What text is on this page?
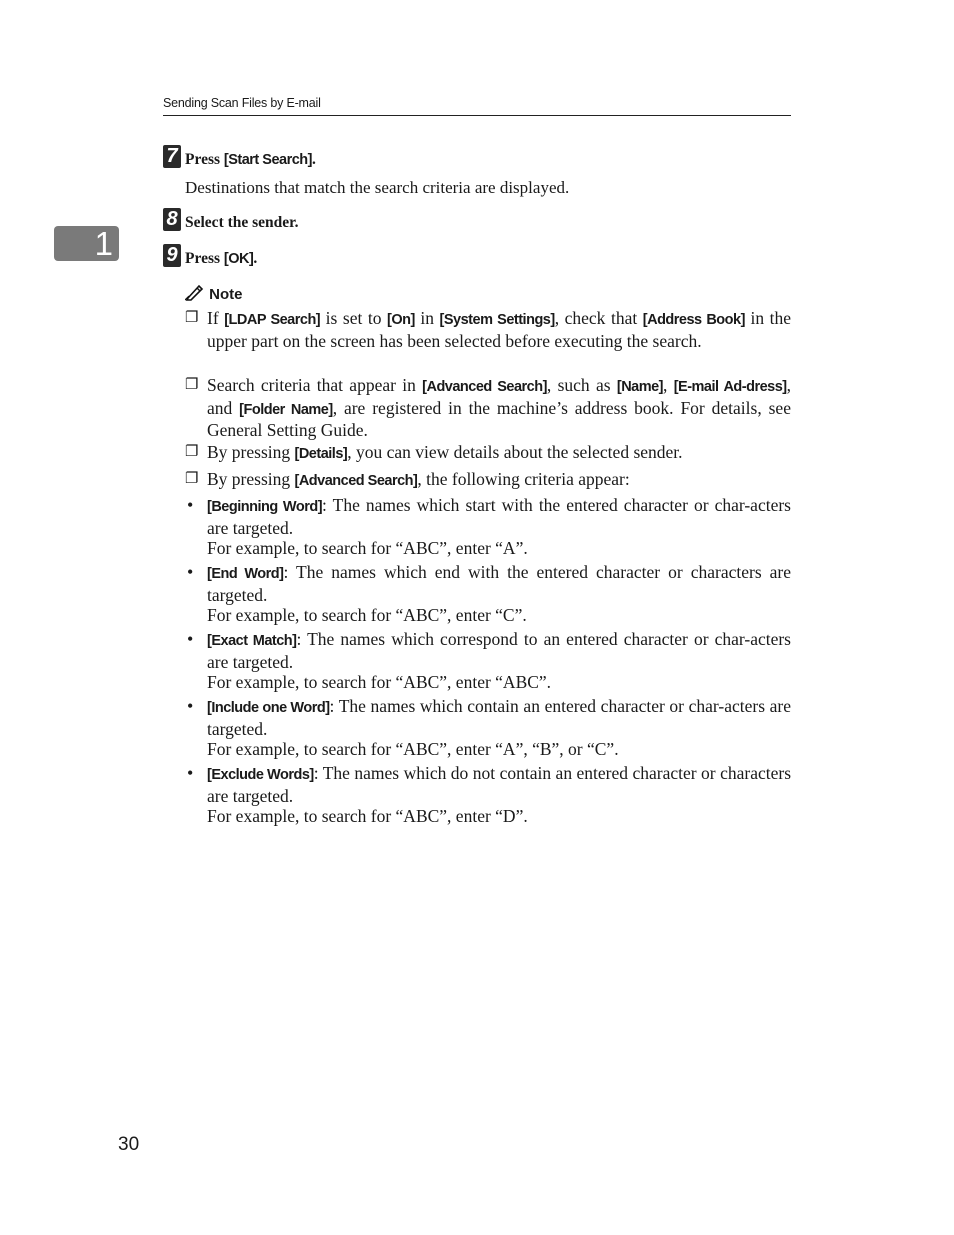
Sending Scan Files by E-mail
1
7 Press [Start Search].
Destinations that match the search criteria are displayed.
8 Select the sender.
9 Press [OK].
Note
❐ If [LDAP Search] is set to [On] in [System Settings], check that [Address Book] in the upper part on the screen has been selected before executing the search.
❐ Search criteria that appear in [Advanced Search], such as [Name], [E-mail Ad-dress], and [Folder Name], are registered in the machine’s address book. For details, see General Setting Guide.
❐ By pressing [Details], you can view details about the selected sender.
❐ By pressing [Advanced Search], the following criteria appear:
• [Beginning Word]: The names which start with the entered character or char-acters are targeted.
For example, to search for “ABC”, enter “A”.
• [End Word]: The names which end with the entered character or characters are targeted.
For example, to search for “ABC”, enter “C”.
• [Exact Match]: The names which correspond to an entered character or char-acters are targeted.
For example, to search for “ABC”, enter “ABC”.
• [Include one Word]: The names which contain an entered character or char-acters are targeted.
For example, to search for “ABC”, enter “A”, “B”, or “C”.
• [Exclude Words]: The names which do not contain an entered character or characters are targeted.
For example, to search for “ABC”, enter “D”.
30
